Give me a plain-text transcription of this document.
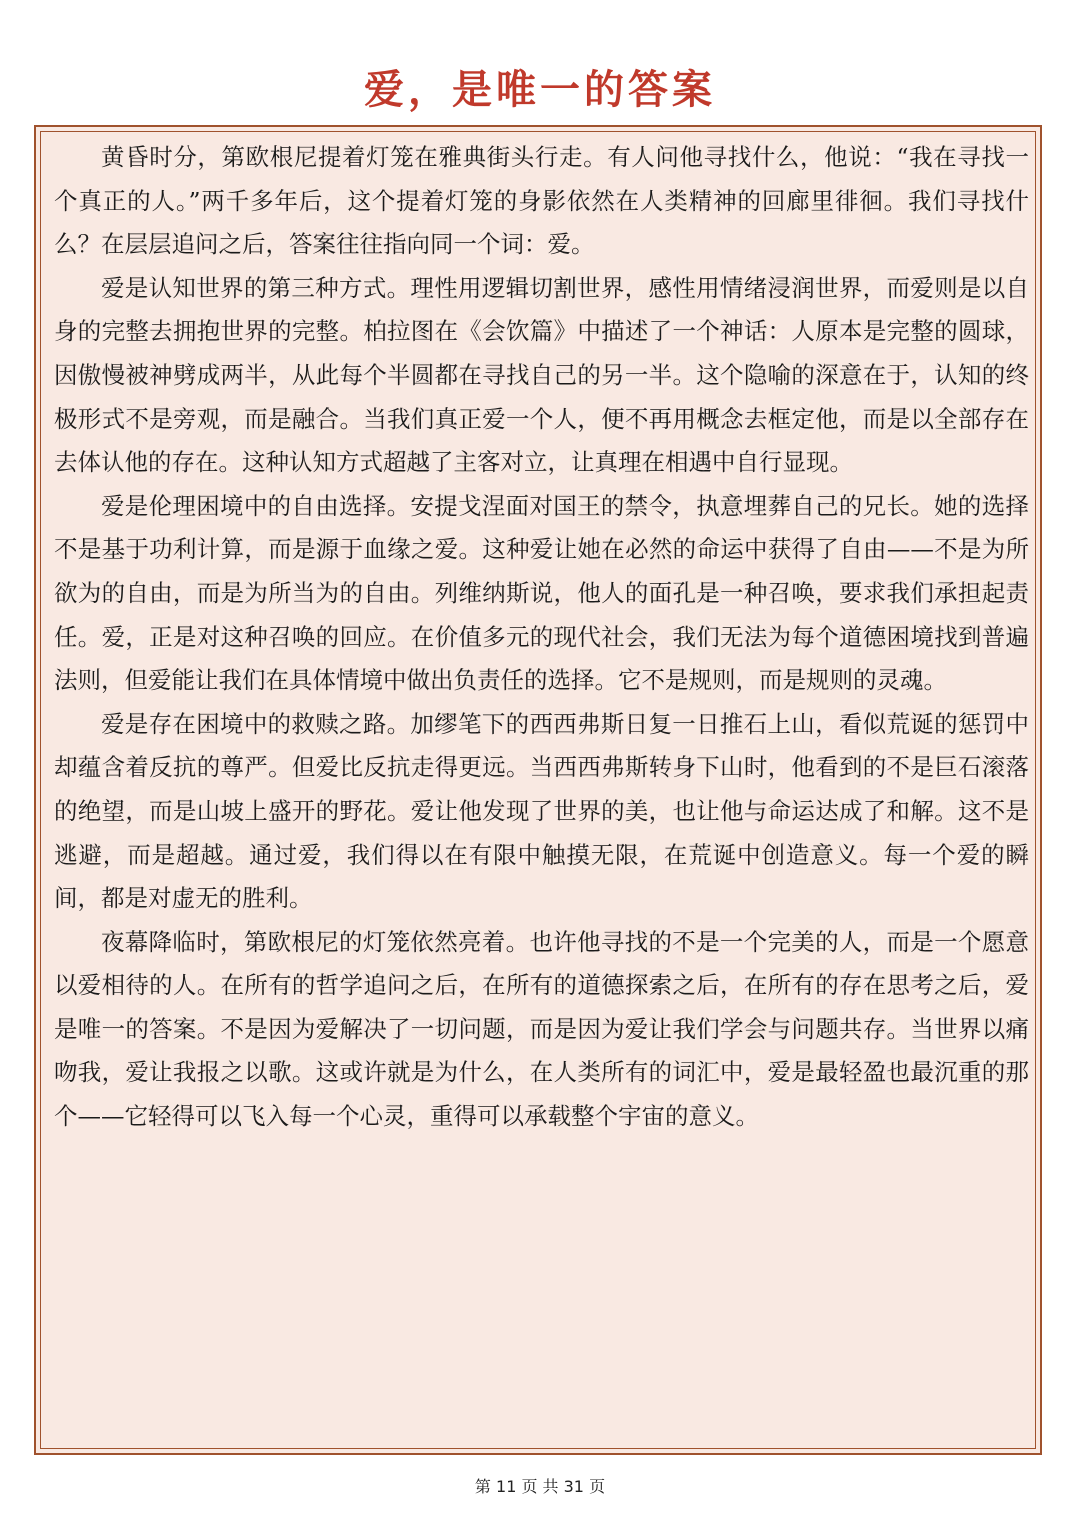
爱，是唯一的答案

黄昏时分，第欧根尼提着灯笼在雅典街头行走。有人问他寻找什么，他说：“我在寻找一个真正的人。”两千多年后，这个提着灯笼的身影依然在人类精神的回廊里徘徊。我们寻找什么？在层层追问之后，答案往往指向同一个词：爱。

爱是认知世界的第三种方式。理性用逻辑切割世界，感性用情绪浸润世界，而爱则是以自身的完整去拥抱世界的完整。柏拉图在《会饮篇》中描述了一个神话：人原本是完整的圆球，因傲慢被神劈成两半，从此每个半圆都在寻找自己的另一半。这个隐喻的深意在于，认知的终极形式不是旁观，而是融合。当我们真正爱一个人，便不再用概念去框定他，而是以全部存在去体认他的存在。这种认知方式超越了主客对立，让真理在相遇中自行显现。

爱是伦理困境中的自由选择。安提戈涅面对国王的禁令，执意埋葬自己的兄长。她的选择不是基于功利计算，而是源于血缘之爱。这种爱让她在必然的命运中获得了自由——不是为所欲为的自由，而是为所当为的自由。列维纳斯说，他人的面孔是一种召唤，要求我们承担起责任。爱，正是对这种召唤的回应。在价值多元的现代社会，我们无法为每个道德困境找到普遍法则，但爱能让我们在具体情境中做出负责任的选择。它不是规则，而是规则的灵魂。

爱是存在困境中的救赎之路。加缪笔下的西西弗斯日复一日推石上山，看似荒诞的惩罚中却蕴含着反抗的尊严。但爱比反抗走得更远。当西西弗斯转身下山时，他看到的不是巨石滚落的绝望，而是山坡上盛开的野花。爱让他发现了世界的美，也让他与命运达成了和解。这不是逃避，而是超越。通过爱，我们得以在有限中触摸无限，在荒诞中创造意义。每一个爱的瞬间，都是对虚无的胜利。

夜幕降临时，第欧根尼的灯笼依然亮着。也许他寻找的不是一个完美的人，而是一个愿意以爱相待的人。在所有的哲学追问之后，在所有的道德探索之后，在所有的存在思考之后，爱是唯一的答案。不是因为爱解决了一切问题，而是因为爱让我们学会与问题共存。当世界以痛吻我，爱让我报之以歌。这或许就是为什么，在人类所有的词汇中，爱是最轻盈也最沉重的那个——它轻得可以飞入每一个心灵，重得可以承载整个宇宙的意义。

第 11 页 共 31 页
